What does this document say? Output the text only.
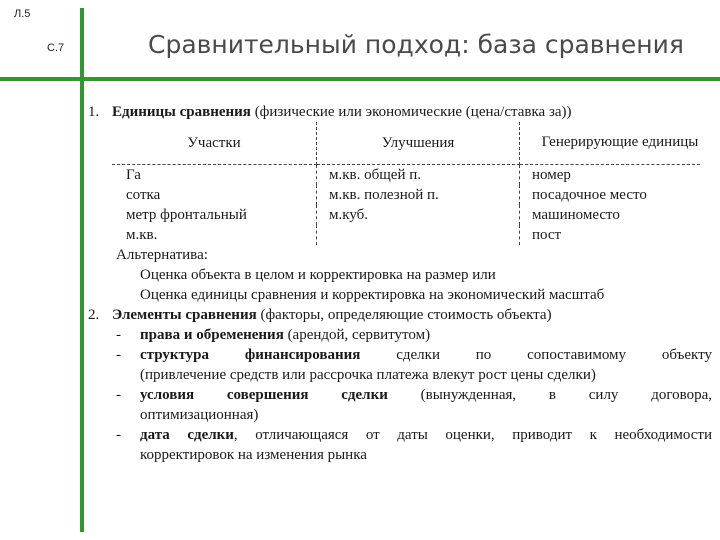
Л.5
С.7	Сравнительный подход: база сравнения
1. Единицы сравнения (физические или экономические (цена/ставка за))
Участки	Улучшения	Генерирующие единицы
Га	м.кв. общей п.	номер
сотка	м.кв. полезной п.	посадочное место
метр фронтальный	м.куб.	машиноместо
м.кв.		пост
Альтернатива:
Оценка объекта в целом и корректировка на размер или
Оценка единицы сравнения и корректировка на экономический масштаб
2. Элементы сравнения (факторы, определяющие стоимость объекта)
-	права и обременения (арендой, сервитутом)
-	структура финансирования сделки по сопоставимому объекту
(привлечение средств или рассрочка платежа влекут рост цены сделки)
-	условия совершения сделки (вынужденная, в силу договора,
оптимизационная)
-	дата сделки, отличающаяся от даты оценки, приводит к необходимости
корректировок на изменения рынка
